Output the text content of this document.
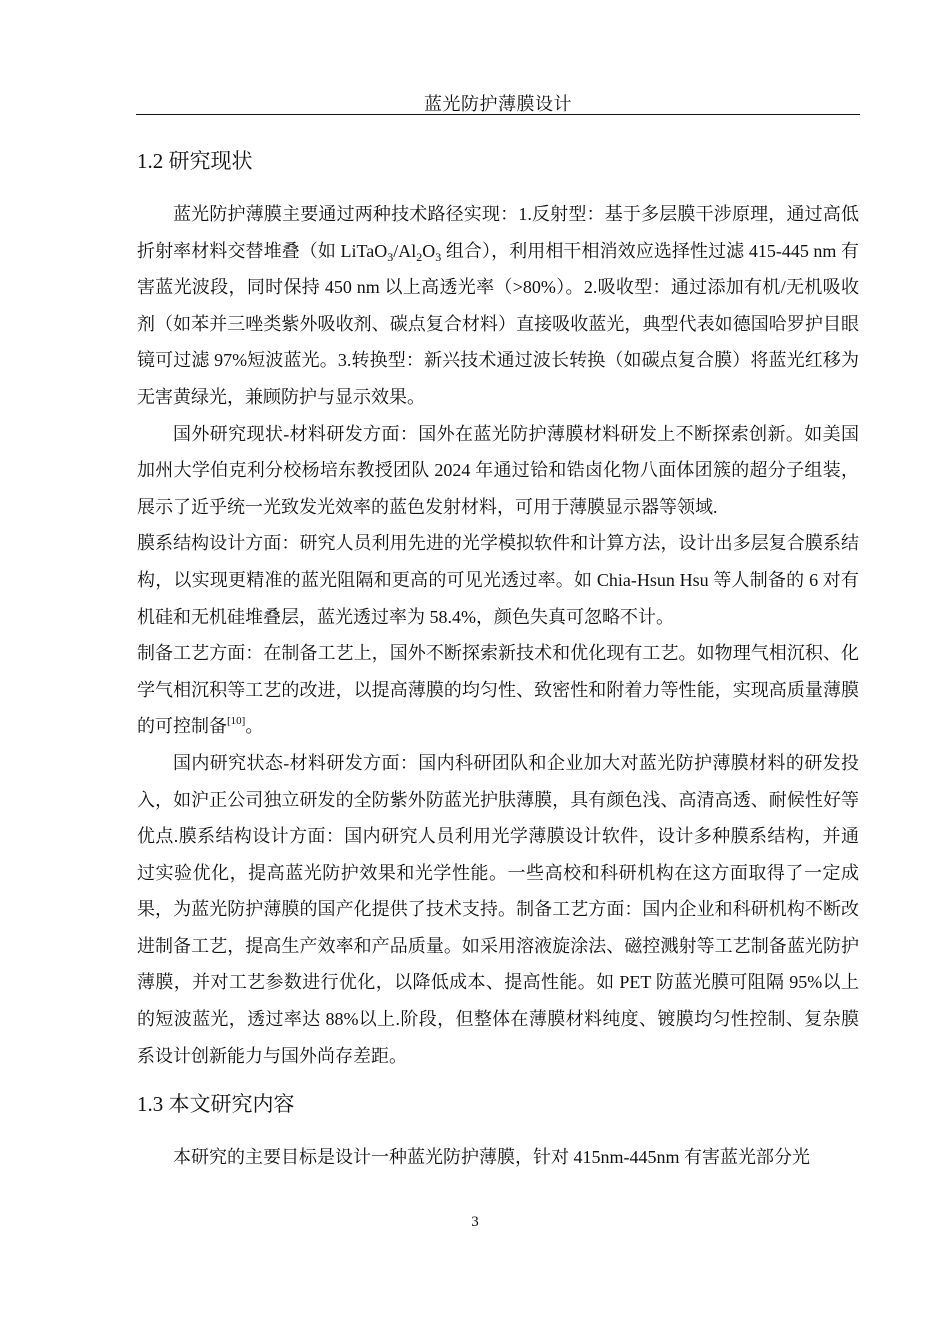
蓝光防护薄膜设计
1.2 研究现状

蓝光防护薄膜主要通过两种技术路径实现：1.反射型：基于多层膜干涉原理，通过高低折射率材料交替堆叠（如 $LiTaO_3/Al_2O_3$ 组合），利用相干相消效应选择性过滤 415-445 nm 有害蓝光波段，同时保持 450 nm 以上高透光率（>80%）。2.吸收型：通过添加有机/无机吸收剂（如苯并三唑类紫外吸收剂、碳点复合材料）直接吸收蓝光，典型代表如德国哈罗护目眼镜可过滤 97%短波蓝光。3.转换型：新兴技术通过波长转换（如碳点复合膜）将蓝光红移为无害黄绿光，兼顾防护与显示效果。

国外研究现状-材料研发方面：国外在蓝光防护薄膜材料研发上不断探索创新。如美国加州大学伯克利分校杨培东教授团队 2024 年通过铪和锆卤化物八面体团簇的超分子组装，展示了近乎统一光致发光效率的蓝色发射材料，可用于薄膜显示器等领域.

膜系结构设计方面：研究人员利用先进的光学模拟软件和计算方法，设计出多层复合膜系结构，以实现更精准的蓝光阻隔和更高的可见光透过率。如 Chia-Hsun Hsu 等人制备的 6 对有机硅和无机硅堆叠层，蓝光透过率为 58.4%，颜色失真可忽略不计。

制备工艺方面：在制备工艺上，国外不断探索新技术和优化现有工艺。如物理气相沉积、化学气相沉积等工艺的改进，以提高薄膜的均匀性、致密性和附着力等性能，实现高质量薄膜的可控制备[10]。

国内研究状态-材料研发方面：国内科研团队和企业加大对蓝光防护薄膜材料的研发投入，如沪正公司独立研发的全防紫外防蓝光护肤薄膜，具有颜色浅、高清高透、耐候性好等优点.膜系结构设计方面：国内研究人员利用光学薄膜设计软件，设计多种膜系结构，并通过实验优化，提高蓝光防护效果和光学性能。一些高校和科研机构在这方面取得了一定成果，为蓝光防护薄膜的国产化提供了技术支持。制备工艺方面：国内企业和科研机构不断改进制备工艺，提高生产效率和产品质量。如采用溶液旋涂法、磁控溅射等工艺制备蓝光防护薄膜，并对工艺参数进行优化，以降低成本、提高性能。如 PET 防蓝光膜可阻隔 95%以上的短波蓝光，透过率达 88%以上.阶段，但整体在薄膜材料纯度、镀膜均匀性控制、复杂膜系设计创新能力与国外尚存差距。

1.3 本文研究内容

本研究的主要目标是设计一种蓝光防护薄膜，针对 415nm-445nm 有害蓝光部分光

3
